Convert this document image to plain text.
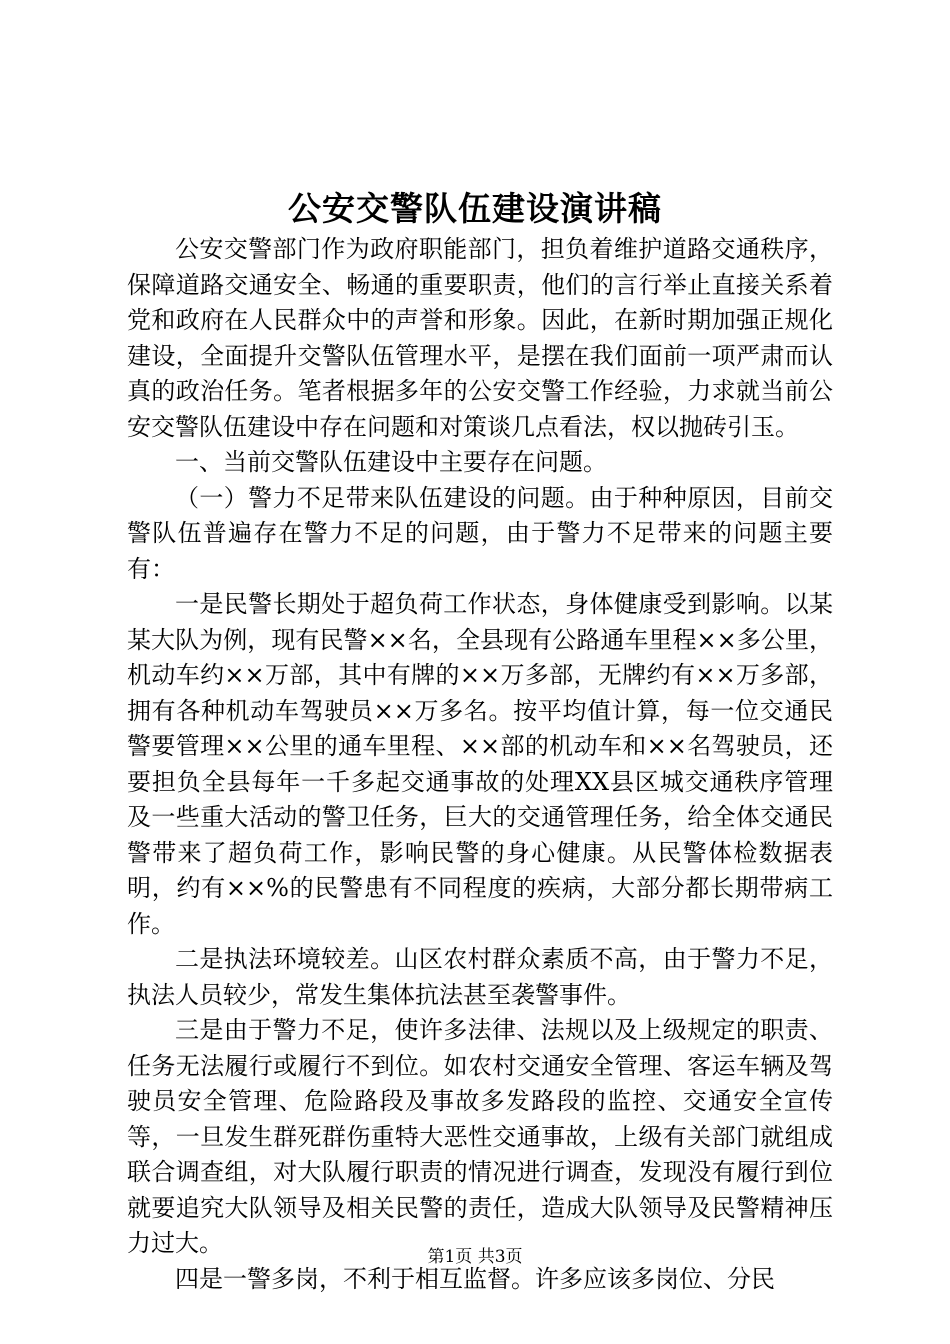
公安交警队伍建设演讲稿

公安交警部门作为政府职能部门，担负着维护道路交通秩序，保障道路交通安全、畅通的重要职责，他们的言行举止直接关系着党和政府在人民群众中的声誉和形象。因此，在新时期加强正规化建设，全面提升交警队伍管理水平，是摆在我们面前一项严肃而认真的政治任务。笔者根据多年的公安交警工作经验，力求就当前公安交警队伍建设中存在问题和对策谈几点看法，权以抛砖引玉。

一、当前交警队伍建设中主要存在问题。

（一）警力不足带来队伍建设的问题。由于种种原因，目前交警队伍普遍存在警力不足的问题，由于警力不足带来的问题主要有：

一是民警长期处于超负荷工作状态，身体健康受到影响。以某某大队为例，现有民警××名，全县现有公路通车里程××多公里，机动车约××万部，其中有牌的××万多部，无牌约有××万多部，拥有各种机动车驾驶员××万多名。按平均值计算，每一位交通民警要管理××公里的通车里程、××部的机动车和××名驾驶员，还要担负全县每年一千多起交通事故的处理XX县区城交通秩序管理及一些重大活动的警卫任务，巨大的交通管理任务，给全体交通民警带来了超负荷工作，影响民警的身心健康。从民警体检数据表明，约有××%的民警患有不同程度的疾病，大部分都长期带病工作。

二是执法环境较差。山区农村群众素质不高，由于警力不足，执法人员较少，常发生集体抗法甚至袭警事件。

三是由于警力不足，使许多法律、法规以及上级规定的职责、任务无法履行或履行不到位。如农村交通安全管理、客运车辆及驾驶员安全管理、危险路段及事故多发路段的监控、交通安全宣传等，一旦发生群死群伤重特大恶性交通事故，上级有关部门就组成联合调查组，对大队履行职责的情况进行调查，发现没有履行到位就要追究大队领导及相关民警的责任，造成大队领导及民警精神压力过大。

四是一警多岗，不利于相互监督。许多应该多岗位、分民

第1页 共3页
